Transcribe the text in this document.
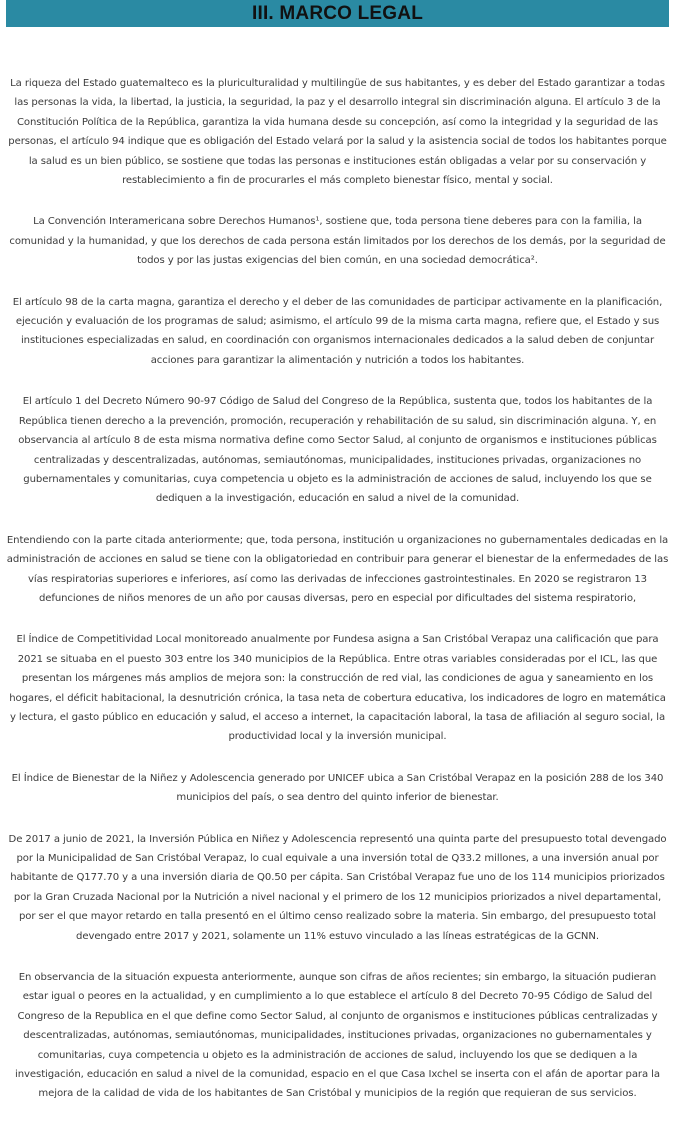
III. MARCO LEGAL

La riqueza del Estado guatemalteco es la pluriculturalidad y multilingüe de sus habitantes, y es deber del Estado garantizar a todas las personas la vida, la libertad, la justicia, la seguridad, la paz y el desarrollo integral sin discriminación alguna. El artículo 3 de la Constitución Política de la República, garantiza la vida humana desde su concepción, así como la integridad y la seguridad de las personas, el artículo 94 indique que es obligación del Estado velará por la salud y la asistencia social de todos los habitantes porque la salud es un bien público, se sostiene que todas las personas e instituciones están obligadas a velar por su conservación y restablecimiento a fin de procurarles el más completo bienestar físico, mental y social.

La Convención Interamericana sobre Derechos Humanos¹, sostiene que, toda persona tiene deberes para con la familia, la comunidad y la humanidad, y que los derechos de cada persona están limitados por los derechos de los demás, por la seguridad de todos y por las justas exigencias del bien común, en una sociedad democrática².

El artículo 98 de la carta magna, garantiza el derecho y el deber de las comunidades de participar activamente en la planificación, ejecución y evaluación de los programas de salud; asimismo, el artículo 99 de la misma carta magna, refiere que, el Estado y sus instituciones especializadas en salud, en coordinación con organismos internacionales dedicados a la salud deben de conjuntar acciones para garantizar la alimentación y nutrición a todos los habitantes.

El artículo 1 del Decreto Número 90-97 Código de Salud del Congreso de la República, sustenta que, todos los habitantes de la República tienen derecho a la prevención, promoción, recuperación y rehabilitación de su salud, sin discriminación alguna. Y, en observancia al artículo 8 de esta misma normativa define como Sector Salud, al conjunto de organismos e instituciones públicas centralizadas y descentralizadas, autónomas, semiautónomas, municipalidades, instituciones privadas, organizaciones no gubernamentales y comunitarias, cuya competencia u objeto es la administración de acciones de salud, incluyendo los que se dediquen a la investigación, educación en salud a nivel de la comunidad.

Entendiendo con la parte citada anteriormente; que, toda persona, institución u organizaciones no gubernamentales dedicadas en la administración de acciones en salud se tiene con la obligatoriedad en contribuir para generar el bienestar de la enfermedades de las vías respiratorias superiores e inferiores, así como las derivadas de infecciones gastrointestinales. En 2020 se registraron 13 defunciones de niños menores de un año por causas diversas, pero en especial por dificultades del sistema respiratorio,

El Índice de Competitividad Local monitoreado anualmente por Fundesa asigna a San Cristóbal Verapaz una calificación que para 2021 se situaba en el puesto 303 entre los 340 municipios de la República. Entre otras variables consideradas por el ICL, las que presentan los márgenes más amplios de mejora son: la construcción de red vial, las condiciones de agua y saneamiento en los hogares, el déficit habitacional, la desnutrición crónica, la tasa neta de cobertura educativa, los indicadores de logro en matemática y lectura, el gasto público en educación y salud, el acceso a internet, la capacitación laboral, la tasa de afiliación al seguro social, la productividad local y la inversión municipal.

El Índice de Bienestar de la Niñez y Adolescencia generado por UNICEF ubica a San Cristóbal Verapaz en la posición 288 de los 340 municipios del país, o sea dentro del quinto inferior de bienestar.

De 2017 a junio de 2021, la Inversión Pública en Niñez y Adolescencia representó una quinta parte del presupuesto total devengado por la Municipalidad de San Cristóbal Verapaz, lo cual equivale a una inversión total de Q33.2 millones, a una inversión anual por habitante de Q177.70 y a una inversión diaria de Q0.50 per cápita. San Cristóbal Verapaz fue uno de los 114 municipios priorizados por la Gran Cruzada Nacional por la Nutrición a nivel nacional y el primero de los 12 municipios priorizados a nivel departamental, por ser el que mayor retardo en talla presentó en el último censo realizado sobre la materia. Sin embargo, del presupuesto total devengado entre 2017 y 2021, solamente un 11% estuvo vinculado a las líneas estratégicas de la GCNN.

En observancia de la situación expuesta anteriormente, aunque son cifras de años recientes; sin embargo, la situación pudieran estar igual o peores en la actualidad, y en cumplimiento a lo que establece el artículo 8 del Decreto 70-95 Código de Salud del Congreso de la Republica en el que define como Sector Salud, al conjunto de organismos e instituciones públicas centralizadas y descentralizadas, autónomas, semiautónomas, municipalidades, instituciones privadas, organizaciones no gubernamentales y comunitarias, cuya competencia u objeto es la administración de acciones de salud, incluyendo los que se dediquen a la investigación, educación en salud a nivel de la comunidad, espacio en el que Casa Ixchel se inserta con el afán de aportar para la mejora de la calidad de vida de los habitantes de San Cristóbal y municipios de la región que requieran de sus servicios.
